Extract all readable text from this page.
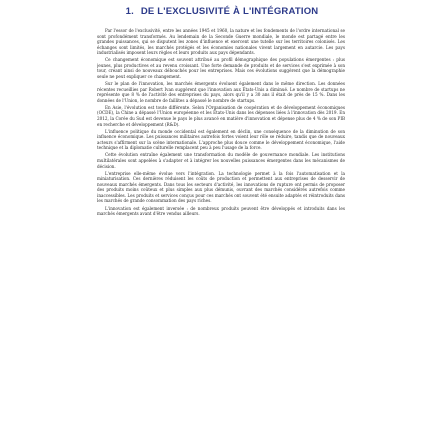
1. DE L'EXCLUSIVITÉ À L'INTÉGRATION

Par l'essor de l'exclusivité, entre les années 1945 et 1960, la nature et les fondements de l'ordre international se sont profondément transformés. Au lendemain de la Seconde Guerre mondiale, le monde est partagé entre les grandes puissances, qui se disputent les zones d'influence et exercent une tutelle sur les territoires colonisés. Les échanges sont limités, les marchés protégés et les économies nationales vivent largement en autarcie. Les pays industrialisés imposent leurs règles et leurs produits aux pays dépendants.

Ce changement économique est souvent attribué au profil démographique des populations émergentes : plus jeunes, plus productives et au revenu croissant. Une forte demande de produits et de services s'est exprimée à son tour, créant ainsi de nouveaux débouchés pour les entreprises. Mais ces évolutions suggèrent que la démographie seule ne peut expliquer ce changement.

Sur le plan de l'innovation, les marchés émergents évoluent également dans le même direction. Les données récentes recueillies par Robert Ivan suggèrent que l'innovation aux États-Unis a diminué. Le nombre de startups ne représente que 8 % de l'activité des entreprises du pays, alors qu'il y a 30 ans il était de près de 15 %. Dans les données de l'Union, le nombre de faillites a dépassé le nombre de startups.

En Asie, l'évolution est toute différente. Selon l'Organisation de coopération et de développement économiques (OCDE), la Chine a dépassé l'Union européenne et les États-Unis dans les dépenses liées à l'innovation dès 2019. En 2012, la Corée du Sud est devenue le pays le plus avancé en matière d'innovation et dépense plus de 4 % de son PIB en recherche et développement (R&D).

L'influence politique du monde occidental est également en déclin, une conséquence de la diminution de son influence économique. Les puissances militaires autrefois fortes voient leur rôle se réduire, tandis que de nouveaux acteurs s'affirment sur la scène internationale. L'approche plus douce comme le développement économique, l'aide technique et la diplomatie culturelle remplacent peu à peu l'usage de la force.

Cette évolution entraîne également une transformation du modèle de gouvernance mondiale. Les institutions multilatérales sont appelées à s'adapter et à intégrer les nouvelles puissances émergentes dans les mécanismes de décision.

L'entreprise elle-même évolue vers l'intégration. La technologie permet à la fois l'automatisation et la miniaturisation. Ces dernières réduisent les coûts de production et permettent aux entreprises de desservir de nouveaux marchés émergents. Dans tous les secteurs d'activité, les innovations de rupture ont permis de proposer des produits moins coûteux et plus simples aux plus démunis, ouvrant des marchés considérés autrefois comme inaccessibles. Les produits et services conçus pour ces marchés ont souvent été ensuite adaptés et réintroduits dans les marchés de grande consommation des pays riches.

L'innovation est également inversée : de nombreux produits peuvent être développés et introduits dans les marchés émergents avant d'être vendus ailleurs.
